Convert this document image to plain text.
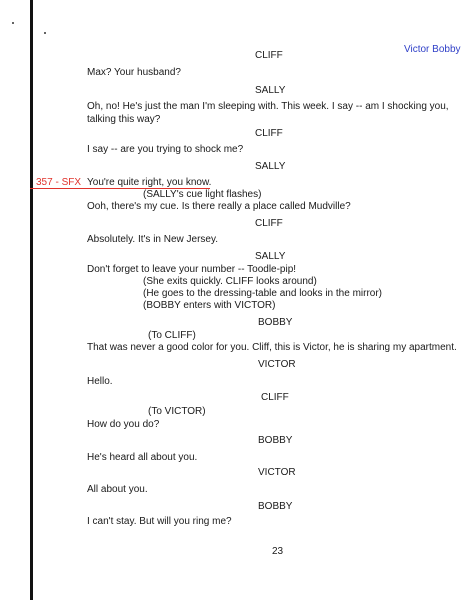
Victor Bobby
CLIFF
Max? Your husband?
SALLY
Oh, no! He's just the man I'm sleeping with. This week. I say -- am I shocking you,
talking this way?
CLIFF
I say -- are you trying to shock me?
SALLY
357 - SFX You're quite right, you know.
(SALLY's cue light flashes)
Ooh, there's my cue. Is there really a place called Mudville?
CLIFF
Absolutely. It's in New Jersey.
SALLY
Don't forget to leave your number -- Toodle-pip!
(She exits quickly. CLIFF looks around)
(He goes to the dressing-table and looks in the mirror)
(BOBBY enters with VICTOR)
BOBBY
(To CLIFF)
That was never a good color for you. Cliff, this is Victor, he is sharing my apartment.
VICTOR
Hello.
CLIFF
(To VICTOR)
How do you do?
BOBBY
He's heard all about you.
VICTOR
All about you.
BOBBY
I can't stay. But will you ring me?
23
